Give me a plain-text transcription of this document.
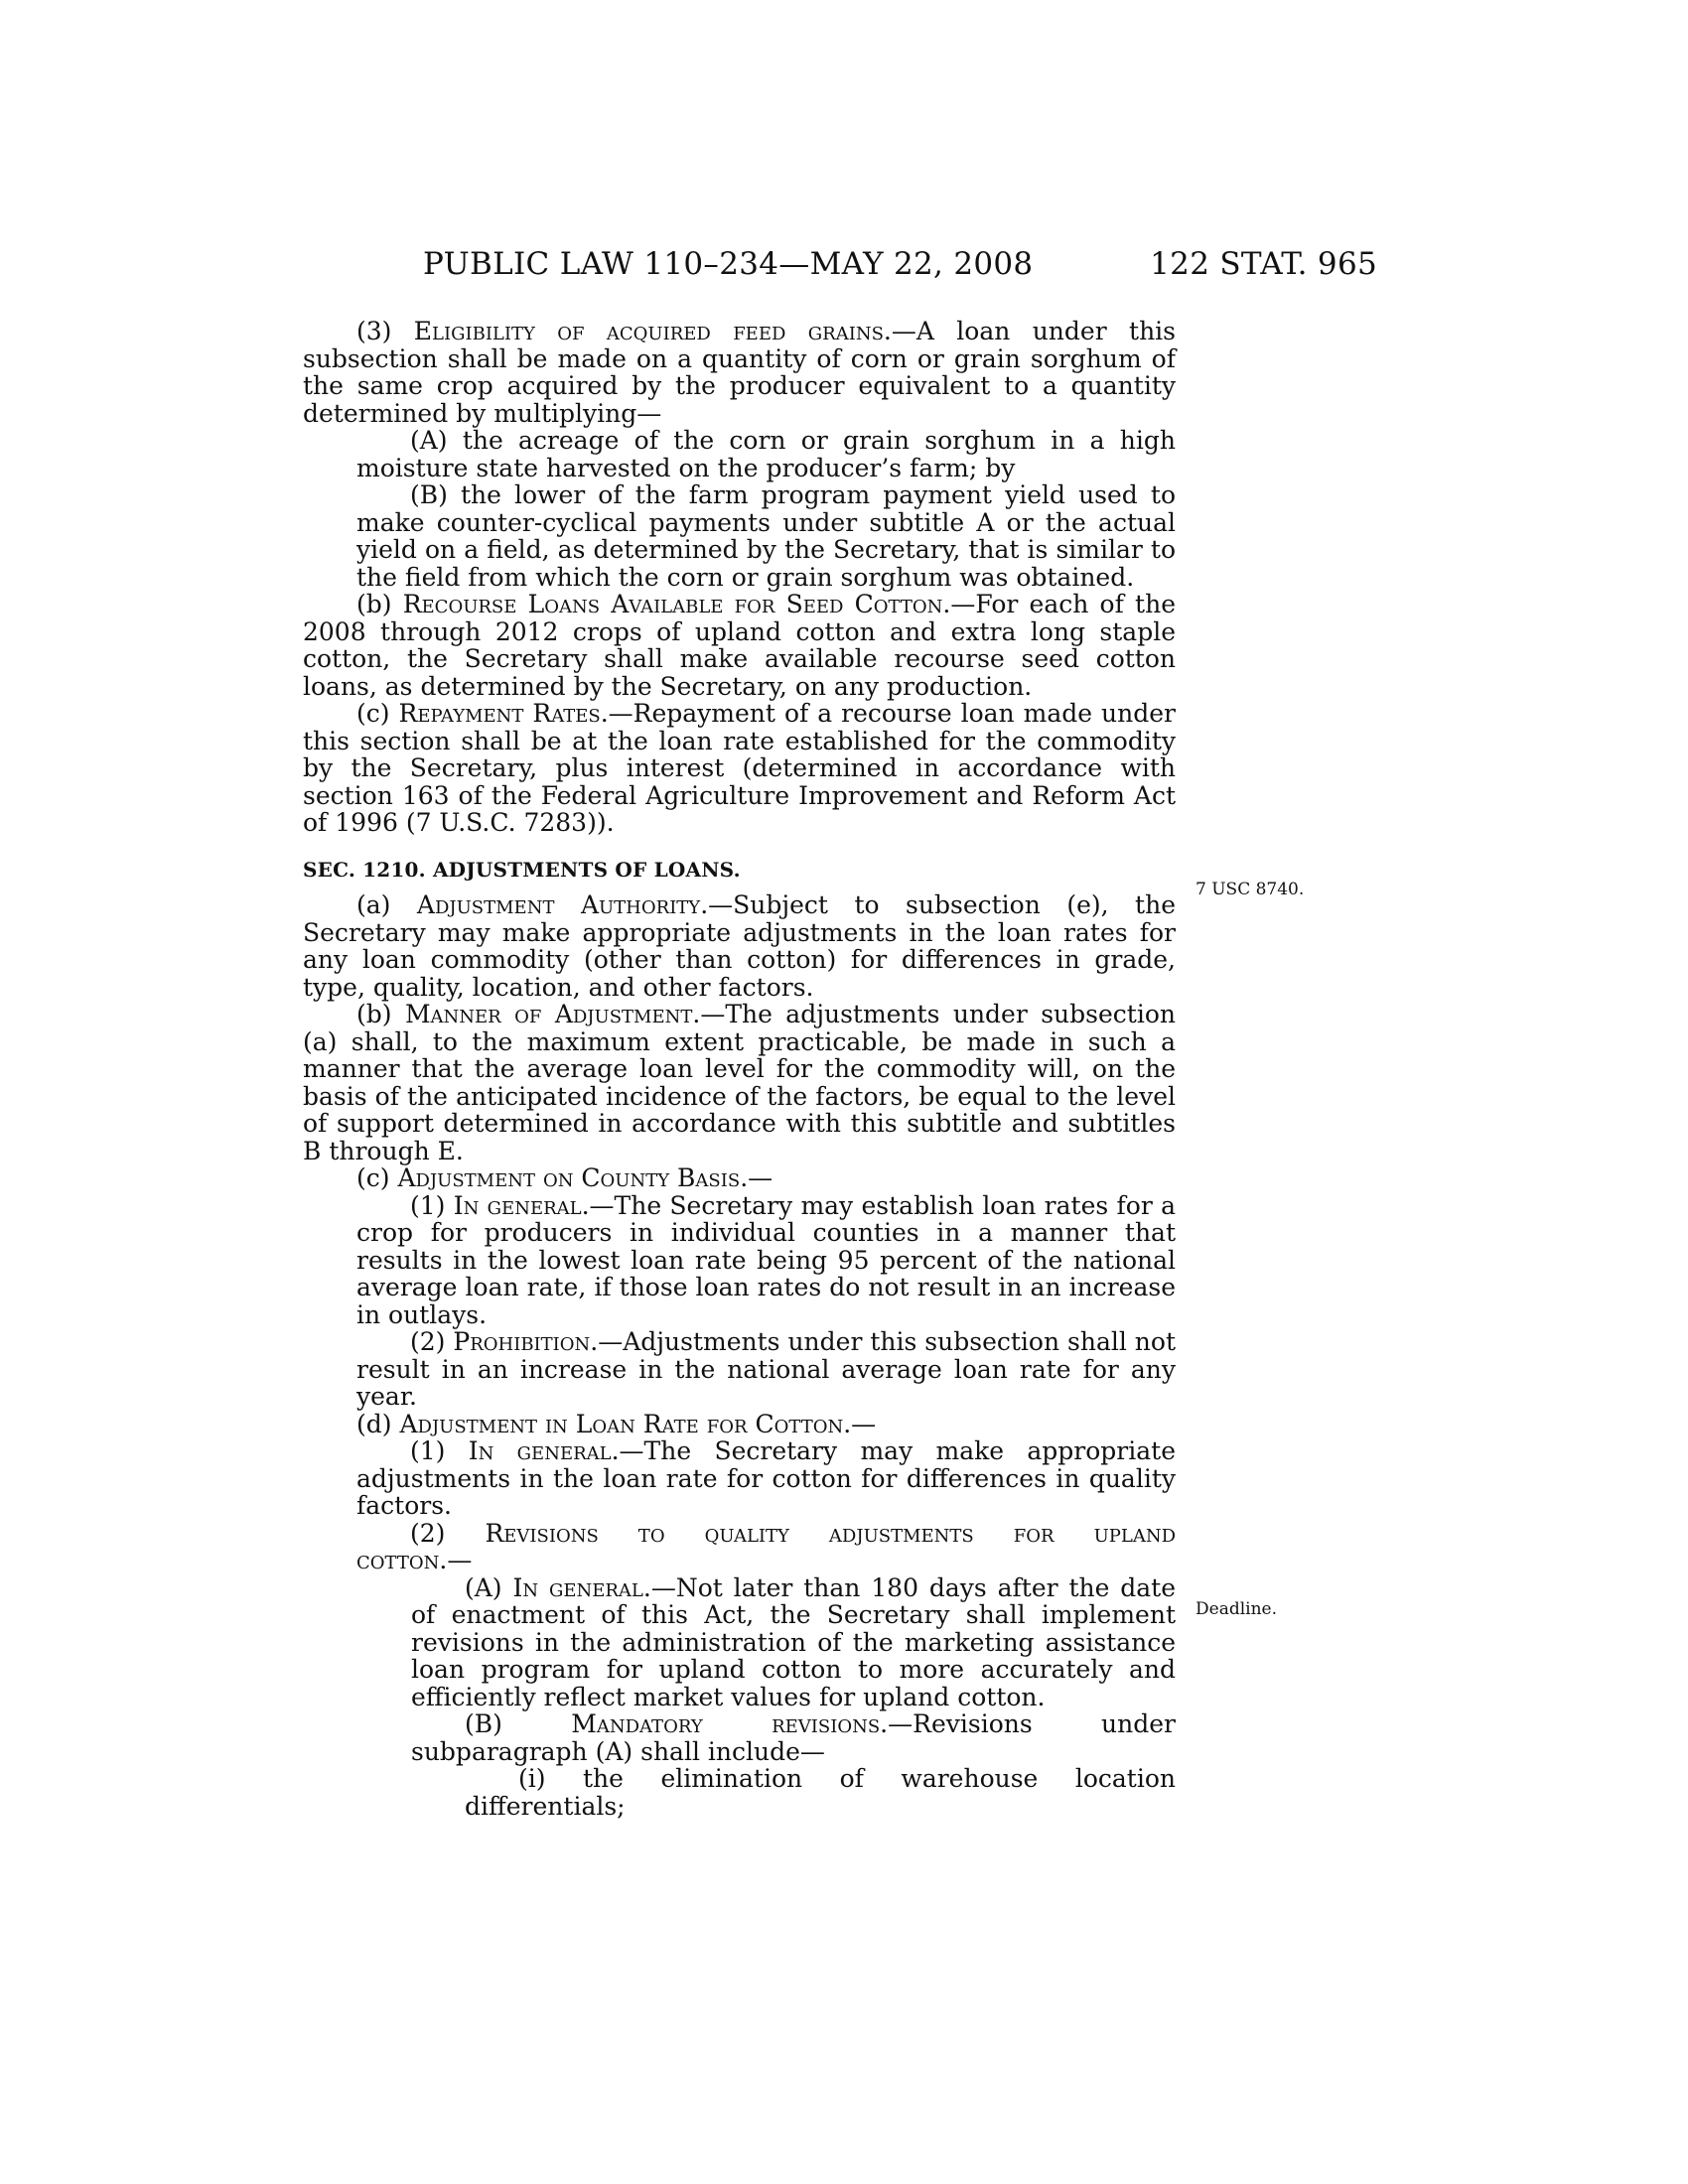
PUBLIC LAW 110–234—MAY 22, 2008	122 STAT. 965

(3) Eligibility of acquired feed grains.—A loan under this subsection shall be made on a quantity of corn or grain sorghum of the same crop acquired by the producer equivalent to a quantity determined by multiplying—

(A) the acreage of the corn or grain sorghum in a high moisture state harvested on the producer’s farm; by

(B) the lower of the farm program payment yield used to make counter-cyclical payments under subtitle A or the actual yield on a field, as determined by the Secretary, that is similar to the field from which the corn or grain sorghum was obtained.

(b) Recourse Loans Available for Seed Cotton.—For each of the 2008 through 2012 crops of upland cotton and extra long staple cotton, the Secretary shall make available recourse seed cotton loans, as determined by the Secretary, on any production.

(c) Repayment Rates.—Repayment of a recourse loan made under this section shall be at the loan rate established for the commodity by the Secretary, plus interest (determined in accordance with section 163 of the Federal Agriculture Improvement and Reform Act of 1996 (7 U.S.C. 7283)).

SEC. 1210. ADJUSTMENTS OF LOANS.

(a) Adjustment Authority.—Subject to subsection (e), the Secretary may make appropriate adjustments in the loan rates for any loan commodity (other than cotton) for differences in grade, type, quality, location, and other factors.

(b) Manner of Adjustment.—The adjustments under subsection (a) shall, to the maximum extent practicable, be made in such a manner that the average loan level for the commodity will, on the basis of the anticipated incidence of the factors, be equal to the level of support determined in accordance with this subtitle and subtitles B through E.

(c) Adjustment on County Basis.—

(1) In general.—The Secretary may establish loan rates for a crop for producers in individual counties in a manner that results in the lowest loan rate being 95 percent of the national average loan rate, if those loan rates do not result in an increase in outlays.

(2) Prohibition.—Adjustments under this subsection shall not result in an increase in the national average loan rate for any year.

(d) Adjustment in Loan Rate for Cotton.—

(1) In general.—The Secretary may make appropriate adjustments in the loan rate for cotton for differences in quality factors.

(2) Revisions to quality adjustments for upland

cotton.—

(A) In general.—Not later than 180 days after the date of enactment of this Act, the Secretary shall implement revisions in the administration of the marketing assistance loan program for upland cotton to more accurately and efficiently reflect market values for upland cotton.

(B) Mandatory revisions.—Revisions under subparagraph (A) shall include—

(i) the elimination of warehouse location differentials;

7 USC 8740.
Deadline.
